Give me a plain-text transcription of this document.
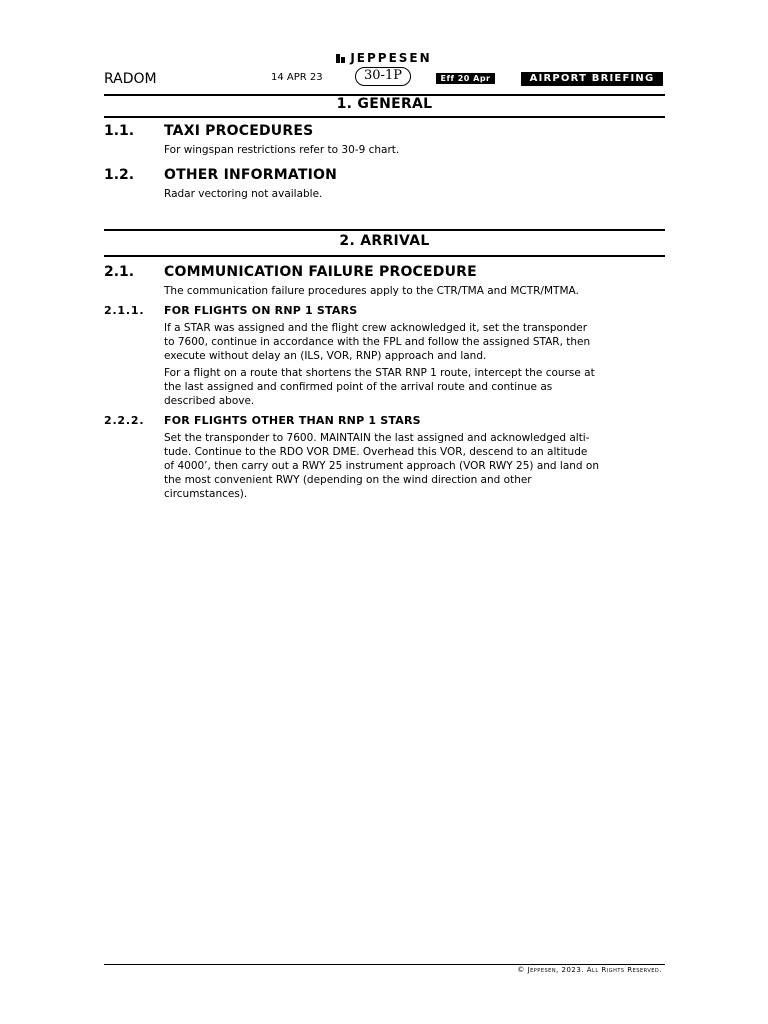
JEPPESEN
RADOM	14 APR 23	30-1P	Eff 20 Apr	AIRPORT BRIEFING
1. GENERAL
1.1. TAXI PROCEDURES
For wingspan restrictions refer to 30-9 chart.
1.2. OTHER INFORMATION
Radar vectoring not available.
2. ARRIVAL
2.1. COMMUNICATION FAILURE PROCEDURE
The communication failure procedures apply to the CTR/TMA and MCTR/MTMA.
2.1.1. FOR FLIGHTS ON RNP 1 STARS
If a STAR was assigned and the flight crew acknowledged it, set the transponder
to 7600, continue in accordance with the FPL and follow the assigned STAR, then
execute without delay an (ILS, VOR, RNP) approach and land.
For a flight on a route that shortens the STAR RNP 1 route, intercept the course at
the last assigned and confirmed point of the arrival route and continue as
described above.
2.2.2. FOR FLIGHTS OTHER THAN RNP 1 STARS
Set the transponder to 7600. MAINTAIN the last assigned and acknowledged alti-
tude. Continue to the RDO VOR DME. Overhead this VOR, descend to an altitude
of 4000’, then carry out a RWY 25 instrument approach (VOR RWY 25) and land on
the most convenient RWY (depending on the wind direction and other
circumstances).
© Jeppesen, 2023. All Rights Reserved.
